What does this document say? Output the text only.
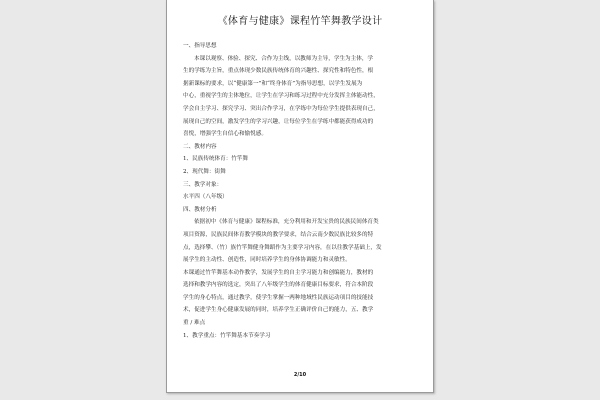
《体育与健康》课程竹竿舞教学设计
一、指导思想
本课以观察、体验、探究、合作为主线，以教师为主导，学生为主体，学
生的学练为主旨，重点体现少数民族传统体育的兴趣性、探究性和特色性，根
据新课标的要求，以“健康第一”和“终身体育”为指导思想，以学生发展为
中心，重视学生的主体地位，让学生在学习和练习过程中充分发挥主体能动性，
学会自主学习、探究学习、突出合作学习，在学练中为每位学生提供表现自己，
展现自己的空间，激发学生的学习兴趣，让每位学生在学练中都能获得成功的
喜悦，增强学生自信心和愉悦感。
二、教材内容
1、民族传统体育：竹竿舞
2、现代舞：街舞
三、教学对象：
水平四（八年级）
四、教材分析
依据初中《体育与健康》课程标准，充分利用和开发宝贵的民族民间体育类
项目资源，民族民间体育教学模块的教学要求，结合云南少数民族比较多的特
点，选择攀、（竹）族竹竿舞健身舞蹈作为主要学习内容，在以往教学基础上，发
展学生的主动性、创造性，同时培养学生的身体协调能力和灵敏性。
本课通过竹竿舞基本动作教学，发展学生的自主学习能力和创编能力，教材的
选择和教学内容的选定，突出了八年级学生的体育健康目标要求，符合本阶段
学生的身心特点，通过教学，使学生掌握一两种地域性民族运动项目的技能技
术，促进学生身心健康发展的同时，培养学生正确评价自己的能力，五、教学
重 / 难点
1、教学重点：竹竿舞基本节奏学习
2/10
